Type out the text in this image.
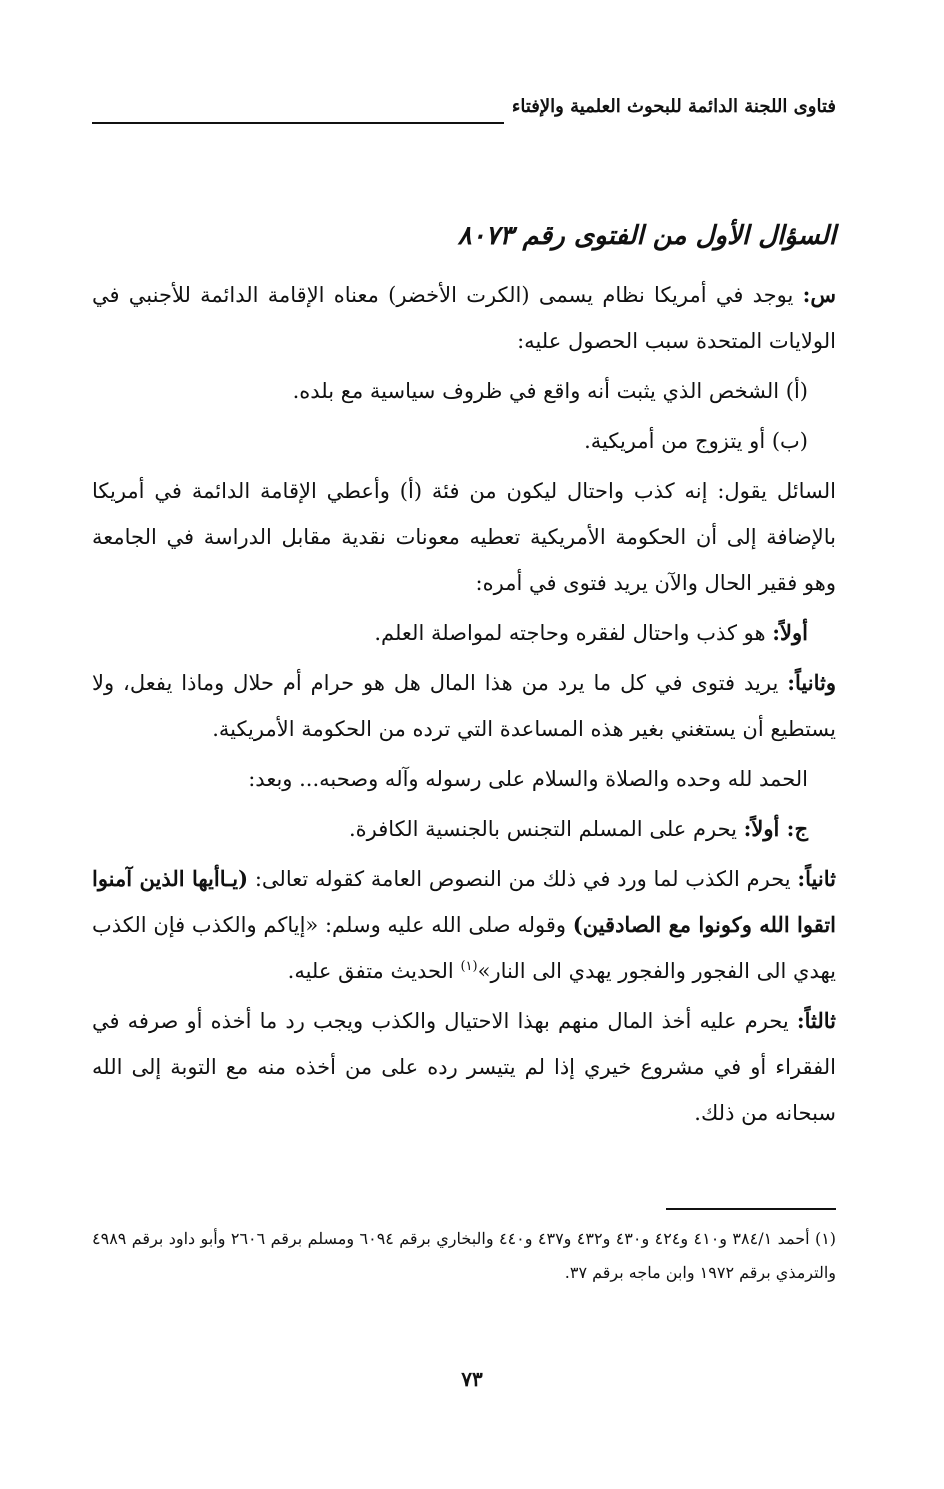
فتاوى اللجنة الدائمة للبحوث العلمية والإفتاء
السؤال الأول من الفتوى رقم ٨٠٧٣

س: يوجد في أمريكا نظام يسمى (الكرت الأخضر) معناه الإقامة الدائمة للأجنبي في الولايات المتحدة سبب الحصول عليه:

(أ) الشخص الذي يثبت أنه واقع في ظروف سياسية مع بلده.

(ب) أو يتزوج من أمريكية.

السائل يقول: إنه كذب واحتال ليكون من فئة (أ) وأعطي الإقامة الدائمة في أمريكا بالإضافة إلى أن الحكومة الأمريكية تعطيه معونات نقدية مقابل الدراسة في الجامعة وهو فقير الحال والآن يريد فتوى في أمره:

أولاً: هو كذب واحتال لفقره وحاجته لمواصلة العلم.

وثانياً: يريد فتوى في كل ما يرد من هذا المال هل هو حرام أم حلال وماذا يفعل، ولا يستطيع أن يستغني بغير هذه المساعدة التي ترده من الحكومة الأمريكية.

الحمد لله وحده والصلاة والسلام على رسوله وآله وصحبه... وبعد:

ج: أولاً: يحرم على المسلم التجنس بالجنسية الكافرة.

ثانياً: يحرم الكذب لما ورد في ذلك من النصوص العامة كقوله تعالى: (يـاأيها الذين آمنوا اتقوا الله وكونوا مع الصادقين) وقوله صلى الله عليه وسلم: «إياكم والكذب فإن الكذب يهدي الى الفجور والفجور يهدي الى النار»$^{(١)}$ الحديث متفق عليه.

ثالثاً: يحرم عليه أخذ المال منهم بهذا الاحتيال والكذب ويجب رد ما أخذه أو صرفه في الفقراء أو في مشروع خيري إذا لم يتيسر رده على من أخذه منه مع التوبة إلى الله سبحانه من ذلك.

(١) أحمد ٣٨٤/١ و٤١٠ و٤٢٤ و٤٣٠ و٤٣٢ و٤٣٧ و٤٤٠ والبخاري برقم ٦٠٩٤ ومسلم برقم ٢٦٠٦ وأبو داود برقم ٤٩٨٩ والترمذي برقم ١٩٧٢ وابن ماجه برقم ٣٧.

٧٣
